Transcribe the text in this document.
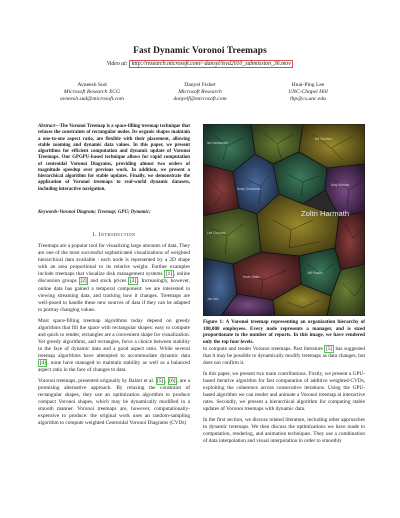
Fast Dynamic Voronoi Treemaps
Video at: http://research.microsoft.com/~dansyl/isvd2010_submission_36.mov
Avneesh Sud
Microsoft Research XCG
avneesh.sud@microsoft.com
Danyel Fisher
Microsoft Research
danyelf@microsoft.com
Huai-Ping Lee
UNC-Chapel Hill
lhp@cs.unc.edu
Abstract—The Voronoi Treemap is a space-filling treemap technique that relaxes the constraints of rectangular nodes. Its organic shapes maintain a one-to-one aspect ratio, are flexible with their placement, allowing stable zooming and dynamic data values. In this paper, we present algorithms for efficient computation and dynamic update of Voronoi Treemaps. Our GPGPU-based technique allows for rapid computation of centroidal Voronoi Diagrams, providing almost two orders of magnitude speedup over previous work. In addition, we present a hierarchical algorithm for stable updates. Finally, we demonstrate the application of Voronoi treemaps to real-world dynamic datasets, including interactive navigation.
Keywords-Voronoi Diagram; Treemap; GPU; Dynamic;
I. Introduction

Treemaps are a popular tool for visualizing large amounts of data. They are one of the most successful sophisticated visualizations of weighted hierarchical data available : each node is represented by a 2D shape with an area proportional to its relative weight. Further examples include treemaps that visualize disk management systems [1] , online discussion groups [2] and stock prices [3] . Increasingly, however, online data has gained a temporal component: we are interested in viewing streaming data, and tracking how it changes. Treemaps are well-posed to handle these new sources of data if they can be adapted to portray changing values.

Most space-filling treemap algorithms today depend on greedy algorithms that fill the space with rectangular shapes: easy to compute and quick to render, rectangles are a convenient shape for visualization. Yet greedy algorithms, and rectangles, force a choice between stability in the face of dynamic data and a good aspect ratio. While several treemap algorithms have attempted to accommodate dynamic data [4] , none have managed to maintain stability as well as a balanced aspect ratio in the face of changes to data.

Voronoi treemaps, presented originally by Balzer et al. [5] , [6] , are a promising alternative approach. By relaxing the constraint of rectangular shapes, they use an optimization algorithm to produce compact Voronoi shapes, which may be dynamically modified in a smooth manner. Voronoi treemaps are, however, computationally-expensive to produce: the original work uses an random-sampling algorithm to compute weighted Centroidal Voronoi Diagrams (CVDs)

Zoltn Harmath
Ian Davisworth
Bill Sanders
Andy Chessman
Lee Connors
Amy Stanton
Kevin Walls
Jeff Frazier
Jon Ash
Figure 1: A Voronoi treemap representing an organization hierarchy of 180,000 employees. Every node represents a manager, and is sized proportionate to the number of reports. In this image, we have rendered only the top four levels.

to compute and render Voronoi treemaps. Past literature [5] has suggested that it may be possible to dynamically modify treemaps as data changes, but does not confirm it.

In this paper, we present two main contributions. Firstly, we present a GPU-based iterative algorithm for fast computation of additive weighted-CVDs, exploiting the coherence across consecutive iterations. Using the GPU-based algorithm we can render and animate a Voronoi treemap at interactive rates. Secondly, we present a hierarchical algorithm for computing stable updates of Voronoi treemaps with dynamic data.

In the first section, we discuss related literature, including other approaches to dynamic treemaps. We then discuss the optimizations we have made to computation, rendering, and animation techniques. They use a combination of data interpolation and visual interpolation in order to smoothly
